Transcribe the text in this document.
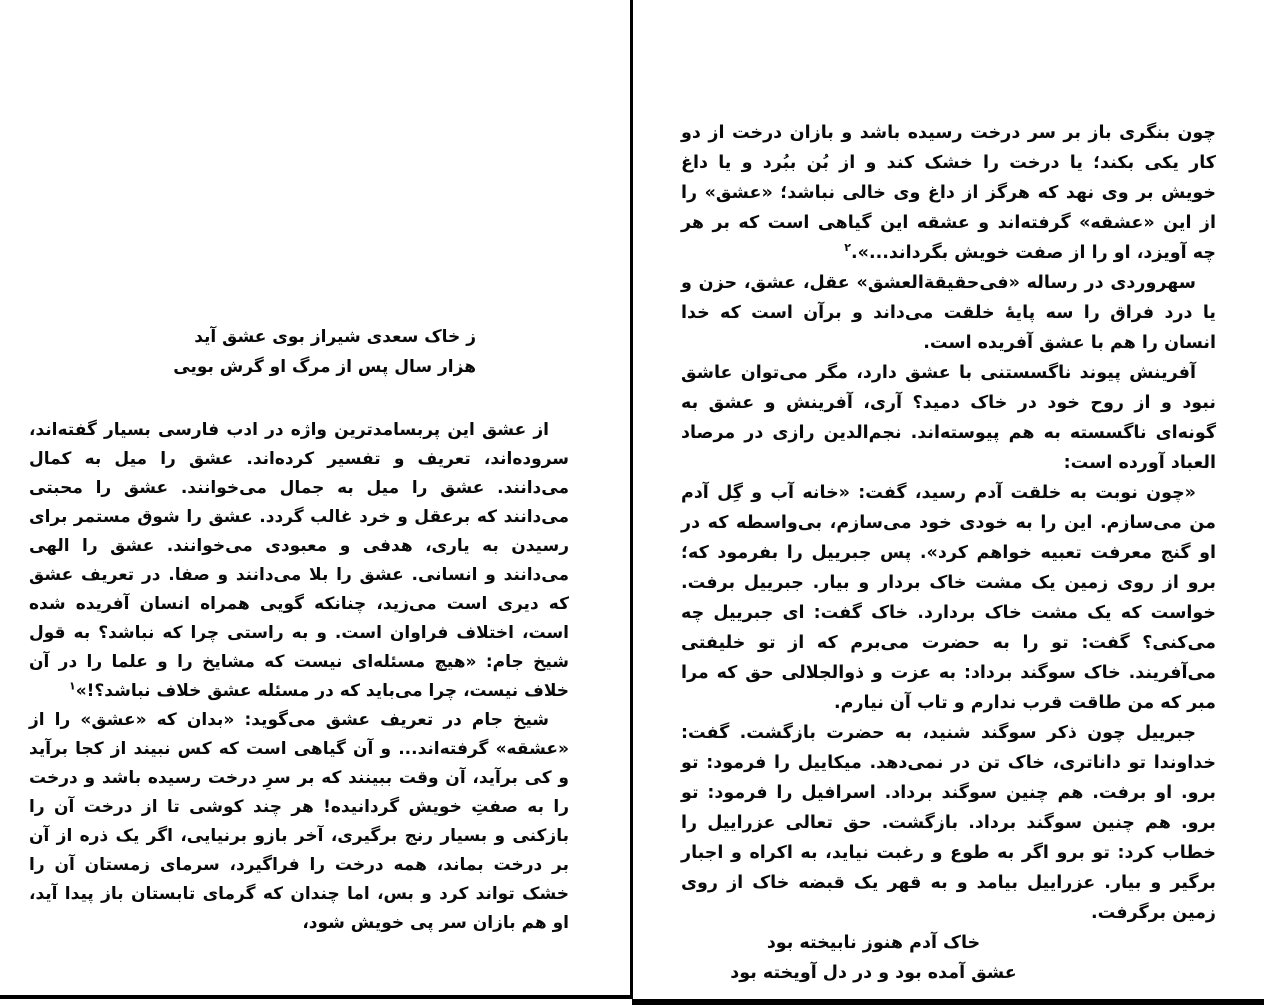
چون بنگری باز بر سر درخت رسیده باشد و بازان درخت از دو کار یکی بکند؛ یا درخت را خشک کند و از بُن ببُرد و یا داغ خویش بر وی نهد که هرگز از داغ وی خالی نباشد؛ «عشق» را از این «عشقه» گرفته‌اند و عشقه این گیاهی است که بر هر چه آویزد، او را از صفت خویش بگرداند...».$^۲$

سهروردی در رساله «فی‌حقیقةالعشق» عقل، عشق، حزن و یا درد فراق را سه پایهٔ خلقت می‌داند و برآن است که خدا انسان را هم با عشق آفریده است.

آفرینش پیوند ناگسستنی با عشق دارد، مگر می‌توان عاشق نبود و از روح خود در خاک دمید؟ آری، آفرینش و عشق به گونه‌ای ناگسسته به هم پیوسته‌اند. نجم‌الدین رازی در مرصاد العباد آورده است:

«چون نوبت به خلقت آدم رسید، گفت: «خانه آب و گِل آدم من می‌سازم. این را به خودی خود می‌سازم، بی‌واسطه که در او گنج معرفت تعبیه خواهم کرد». پس جبرییل را بفرمود که؛ برو از روی زمین یک مشت خاک بردار و بیار. جبرییل برفت. خواست که یک مشت خاک بردارد. خاک گفت: ای جبرییل چه می‌کنی؟ گفت: تو را به حضرت می‌برم که از تو خلیفتی می‌آفریند. خاک سوگند برداد: به عزت و ذوالجلالی حق که مرا مبر که من طاقت قرب ندارم و تاب آن نیارم.

جبرییل چون ذکر سوگند شنید، به حضرت بازگشت. گفت: خداوندا تو داناتری، خاک تن در نمی‌دهد. میکاییل را فرمود: تو برو. او برفت. هم چنین سوگند برداد. اسرافیل را فرمود: تو برو. هم چنین سوگند برداد. بازگشت. حق تعالی عزراییل را خطاب کرد: تو برو اگر به طوع و رغبت نیاید، به اکراه و اجبار برگیر و بیار. عزراییل بیامد و به قهر یک قبضه خاک از روی زمین برگرفت.

خاک آدم هنوز نابیخته بود
عشق آمده بود و در دل آویخته بود
ز خاک سعدی شیراز بوی عشق آید
هزار سال پس از مرگ او گرش بویی

از عشق این پربسامدترین واژه در ادب فارسی بسیار گفته‌اند، سروده‌اند، تعریف و تفسیر کرده‌اند. عشق را میل به کمال می‌دانند. عشق را میل به جمال می‌خوانند. عشق را محبتی می‌دانند که برعقل و خرد غالب گردد. عشق را شوق مستمر برای رسیدن به یاری، هدفی و معبودی می‌خوانند. عشق را الهی می‌دانند و انسانی. عشق را بلا می‌دانند و صفا. در تعریف عشق که دیری است می‌زید، چنانکه گویی همراه انسان آفریده شده است، اختلاف فراوان است. و به راستی چرا که نباشد؟ به قول شیخ جام: «هیچ مسئله‌ای نیست که مشایخ را و علما را در آن خلاف نیست، چرا می‌باید که در مسئله عشق خلاف نباشد؟!»$^۱$

شیخ جام در تعریف عشق می‌گوید: «بدان که «عشق» را از «عشقه» گرفته‌اند... و آن گیاهی است که کس نبیند از کجا برآید و کی برآید، آن وقت ببینند که بر سرِ درخت رسیده باشد و درخت را به صفتِ خویش گردانیده! هر چند کوشی تا از درخت آن را بازکنی و بسیار رنج برگیری، آخر بازو برنیایی، اگر یک ذره از آن بر درخت بماند، همه درخت را فراگیرد، سرمای زمستان آن را خشک تواند کرد و بس، اما چندان که گرمای تابستان باز پیدا آید، او هم بازان سر پی خویش شود،
